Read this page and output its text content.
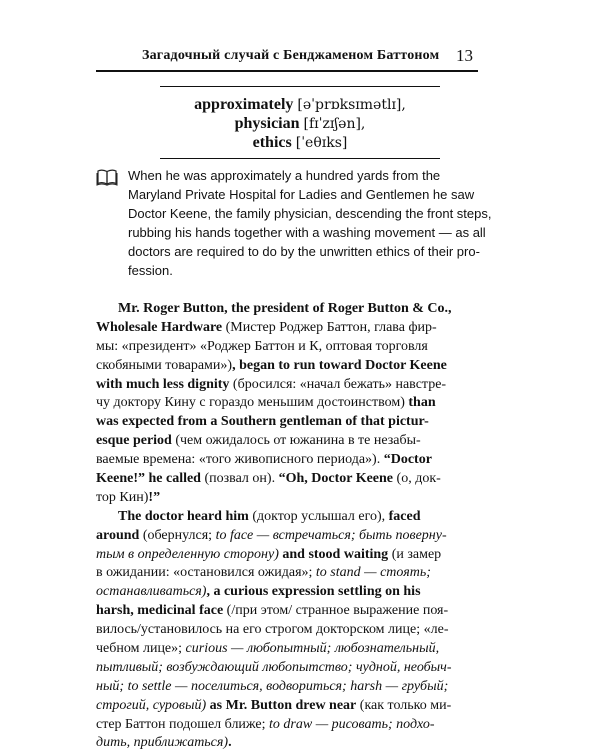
Загадочный случай с Бенджаменом Баттоном 13
approximately [əˈprɒksɪmətlɪ],
physician [fɪˈzɪʃən],
ethics [ˈeθɪks]
When he was approximately a hundred yards from the
Maryland Private Hospital for Ladies and Gentlemen he saw
Doctor Keene, the family physician, descending the front steps,
rubbing his hands together with a washing movement — as all
doctors are required to do by the unwritten ethics of their pro-
fession.
Mr. Roger Button, the president of Roger Button & Co.,
Wholesale Hardware (Мистер Роджер Баттон, глава фир-
мы: «президент» «Роджер Баттон и К, оптовая торговля
скобяными товарами»), began to run toward Doctor Keene
with much less dignity (бросился: «начал бежать» навстре-
чу доктору Кину с гораздо меньшим достоинством) than
was expected from a Southern gentleman of that pictur-
esque period (чем ожидалось от южанина в те незабы-
ваемые времена: «того живописного периода»). “Doctor
Keene!” he called (позвал он). “Oh, Doctor Keene (о, док-
тор Кин)!”
The doctor heard him (доктор услышал его), faced
around (обернулся; to face — встречаться; быть поверну-
тым в определенную сторону) and stood waiting (и замер
в ожидании: «остановился ожидая»; to stand — стоять;
останавливаться), a curious expression settling on his
harsh, medicinal face (/при этом/ странное выражение поя-
вилось/установилось на его строгом докторском лице; «ле-
чебном лице»; curious — любопытный; любознательный,
пытливый; возбуждающий любопытство; чудной, необыч-
ный; to settle — поселиться, водвориться; harsh — грубый;
строгий, суровый) as Mr. Button drew near (как только ми-
стер Баттон подошел ближе; to draw — рисовать; подхо-
дить, приближаться).
